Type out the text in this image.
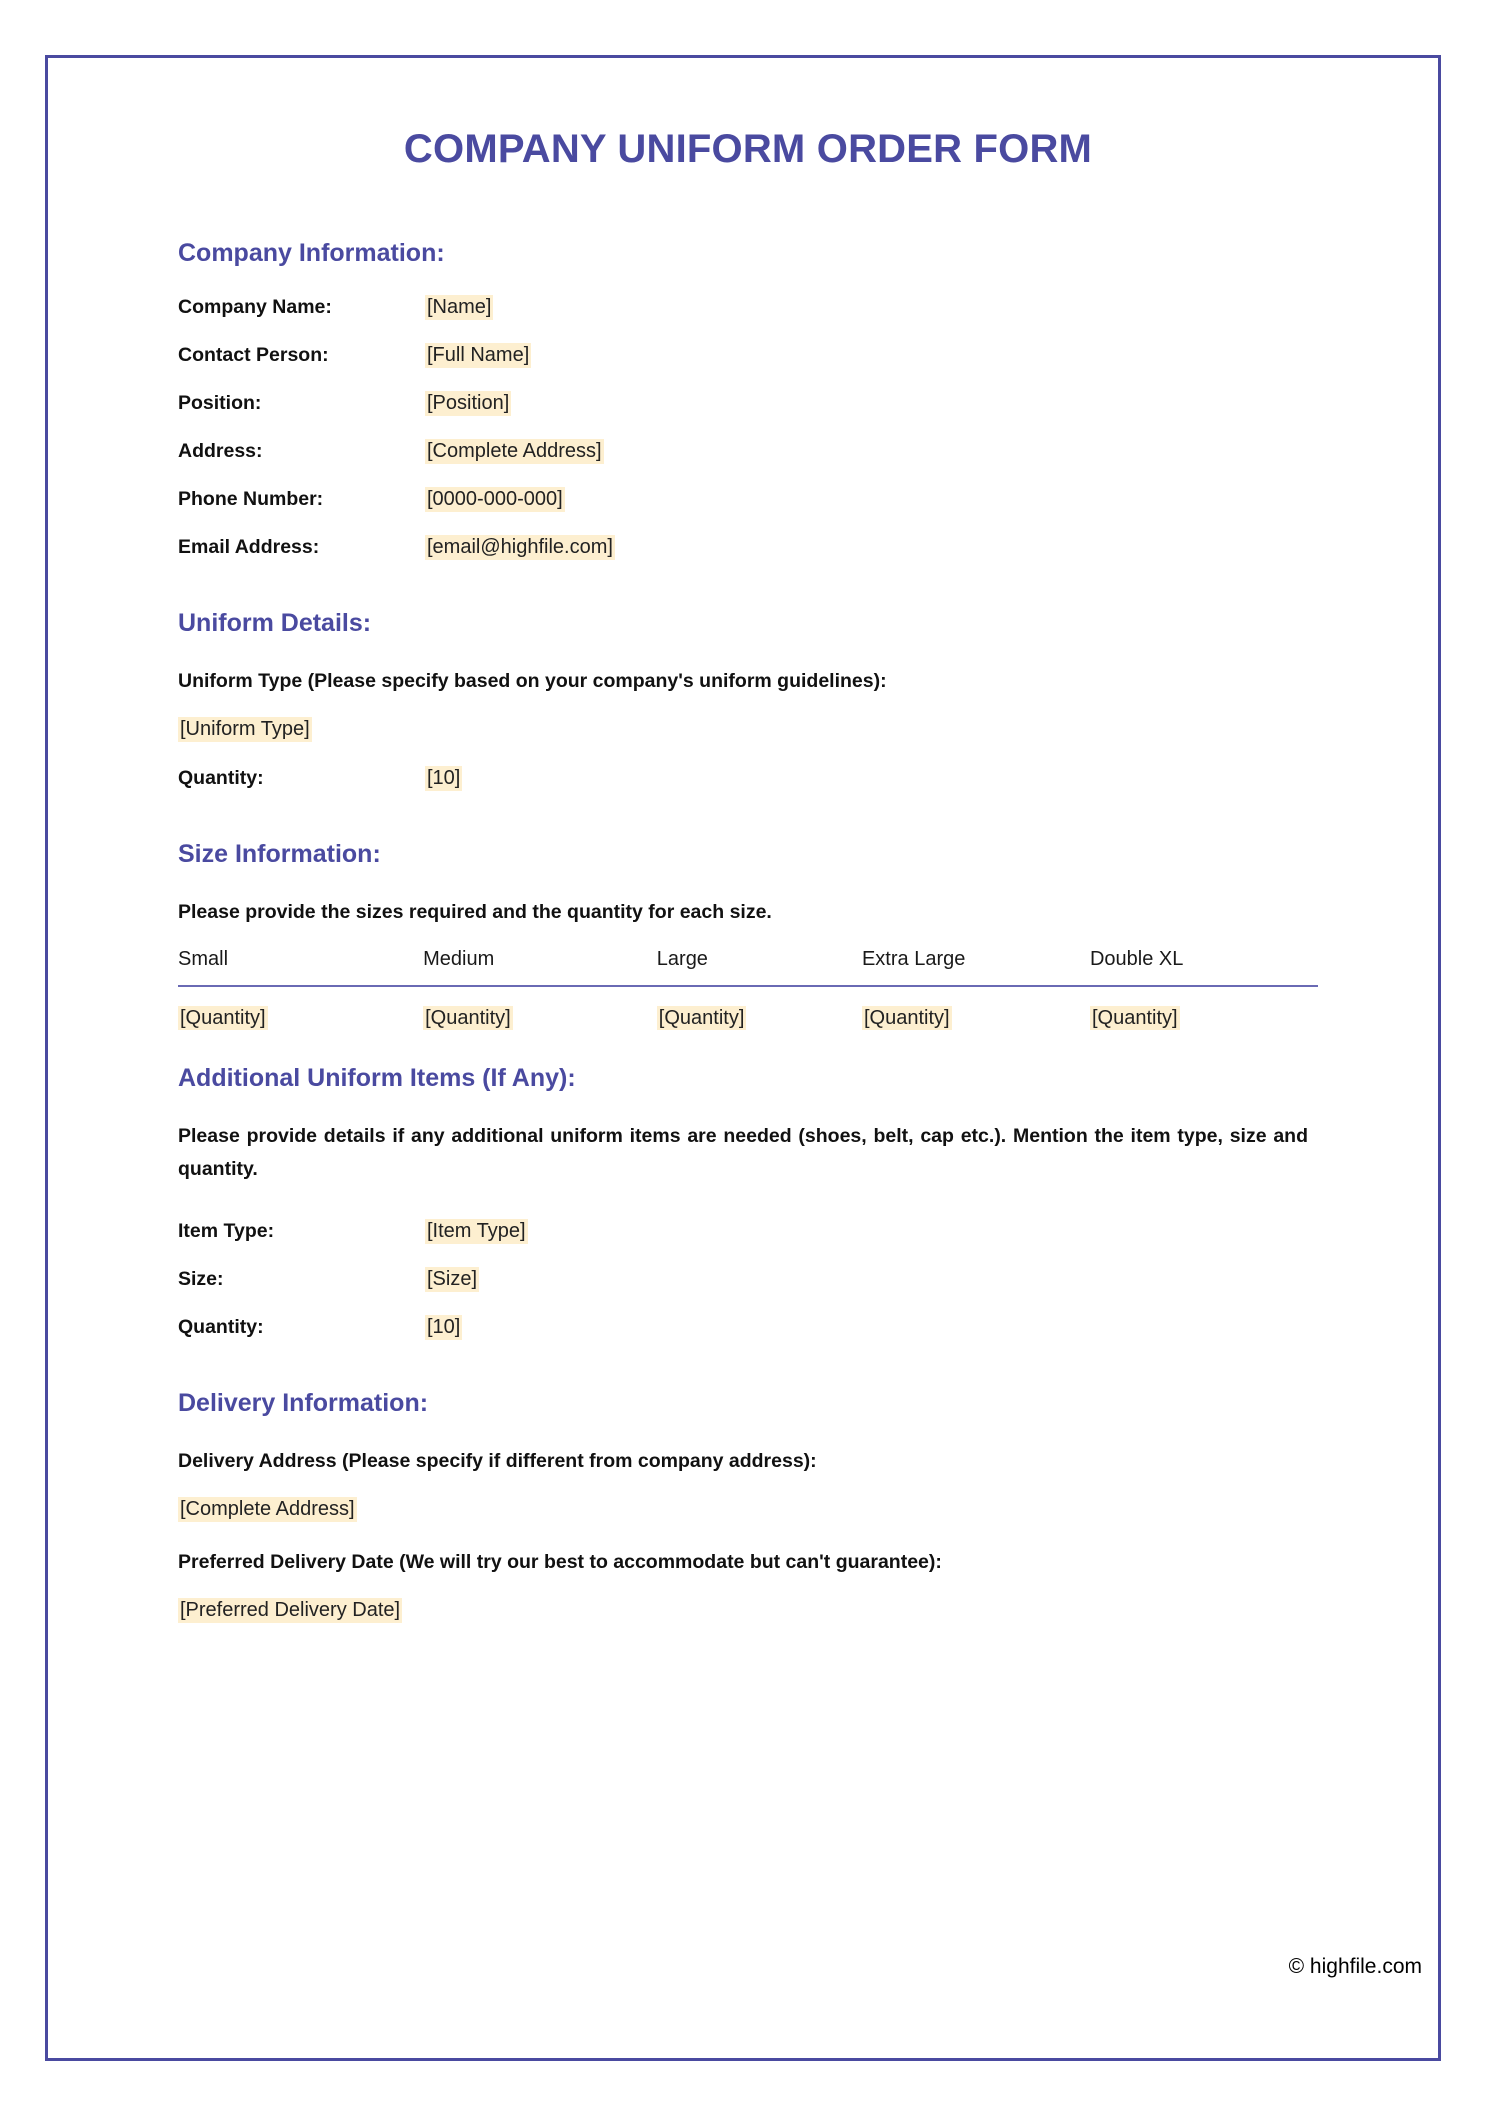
COMPANY UNIFORM ORDER FORM
Company Information:
Company Name:	[Name]
Contact Person:	[Full Name]
Position:	[Position]
Address:	[Complete Address]
Phone Number:	[0000-000-000]
Email Address:	[email@highfile.com]
Uniform Details:

Uniform Type (Please specify based on your company's uniform guidelines):

[Uniform Type]
Quantity:	[10]
Size Information:

Please provide the sizes required and the quantity for each size.

Small	Medium	Large	Extra Large	Double XL
[Quantity]	[Quantity]	[Quantity]	[Quantity]	[Quantity]
Additional Uniform Items (If Any):

Please provide details if any additional uniform items are needed (shoes, belt, cap etc.). Mention the item type, size and quantity.

Item Type:	[Item Type]
Size:	[Size]
Quantity:	[10]
Delivery Information:

Delivery Address (Please specify if different from company address):

[Complete Address]

Preferred Delivery Date (We will try our best to accommodate but can't guarantee):

[Preferred Delivery Date]
© highfile.com
